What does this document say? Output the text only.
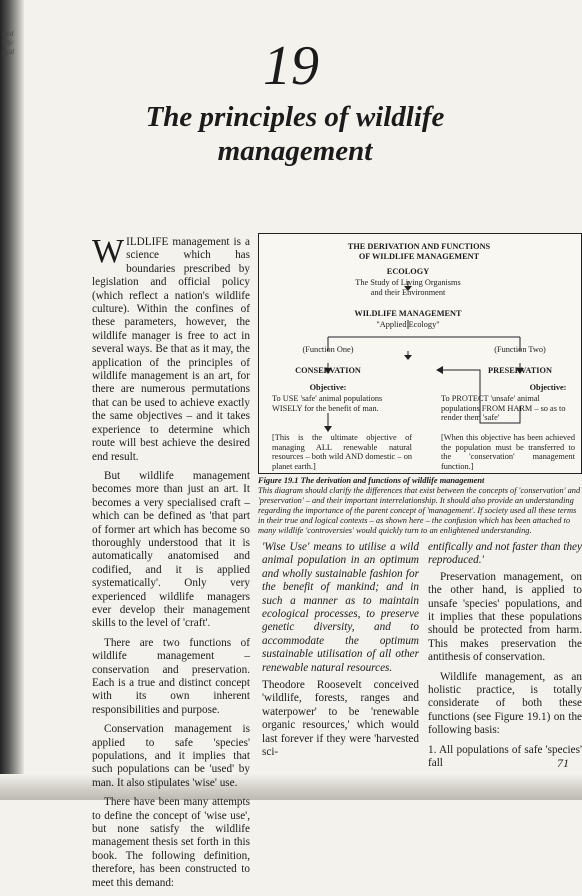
ised
llife
egal	19
The principles of wildlife management

WILDLIFE management is a science which has boundaries prescribed by legislation and official policy (which reflect a nation's wildlife culture). Within the confines of these parameters, however, the wildlife manager is free to act in several ways. Be that as it may, the application of the principles of wildlife management is an art, for there are numerous permutations that can be used to achieve exactly the same objectives – and it takes experience to determine which route will best achieve the desired end result.

But wildlife management becomes more than just an art. It becomes a very specialised craft – which can be defined as 'that part of former art which has become so thoroughly understood that it is automatically anatomised and codified, and it is applied systematically'. Only very experienced wildlife managers ever develop their management skills to the level of 'craft'.

There are two functions of wildlife management – conservation and preservation. Each is a true and distinct concept with its own inherent responsibilities and purpose.

Conservation management is applied to safe 'species' populations, and it implies that such populations can be 'used' by man. It also stipulates 'wise' use.

There have been many attempts to define the concept of 'wise use', but none satisfy the wildlife management thesis set forth in this book. The following definition, therefore, has been constructed to meet this demand:

THE DERIVATION AND FUNCTIONS
OF WILDLIFE MANAGEMENT
ECOLOGY
The Study of Living Organisms
and their Environment
WILDLIFE MANAGEMENT
"Applied Ecology"
(Function One)	(Function Two)
CONSERVATION	PRESERVATION
Objective:	Objective:
To USE 'safe' animal populations WISELY for the benefit of man.
To PROTECT 'unsafe' animal populations FROM HARM – so as to render them 'safe'
[This is the ultimate objective of managing ALL renewable natural resources – both wild AND domestic – on planet earth.]
[When this objective has been achieved the population must be transferred to the 'conservation' management function.]
Figure 19.1 The derivation and functions of wildlife management
This diagram should clarify the differences that exist between the concepts of 'conservation' and 'preservation' – and their important interrelationship. It should also provide an understanding regarding the importance of the parent concept of 'management'. If society used all these terms in their true and logical contexts – as shown here – the confusion which has been attached to many wildlife 'controversies' would quickly turn to an enlightened understanding.

'Wise Use' means to utilise a wild animal population in an optimum and wholly sustainable fashion for the benefit of mankind; and in such a manner as to maintain ecological processes, to preserve genetic diversity, and to accommodate the optimum sustainable utilisation of all other renewable natural resources.

Theodore Roosevelt conceived 'wildlife, forests, ranges and waterpower' to be 'renewable organic resources,' which would last forever if they were 'harvested sci-

entifically and not faster than they reproduced.'

Preservation management, on the other hand, is applied to unsafe 'species' populations, and it implies that these populations should be protected from harm. This makes preservation the antithesis of conservation.

Wildlife management, as an holistic practice, is totally considerate of both these functions (see Figure 19.1) on the following basis:

1. All populations of safe 'species' fall	71
